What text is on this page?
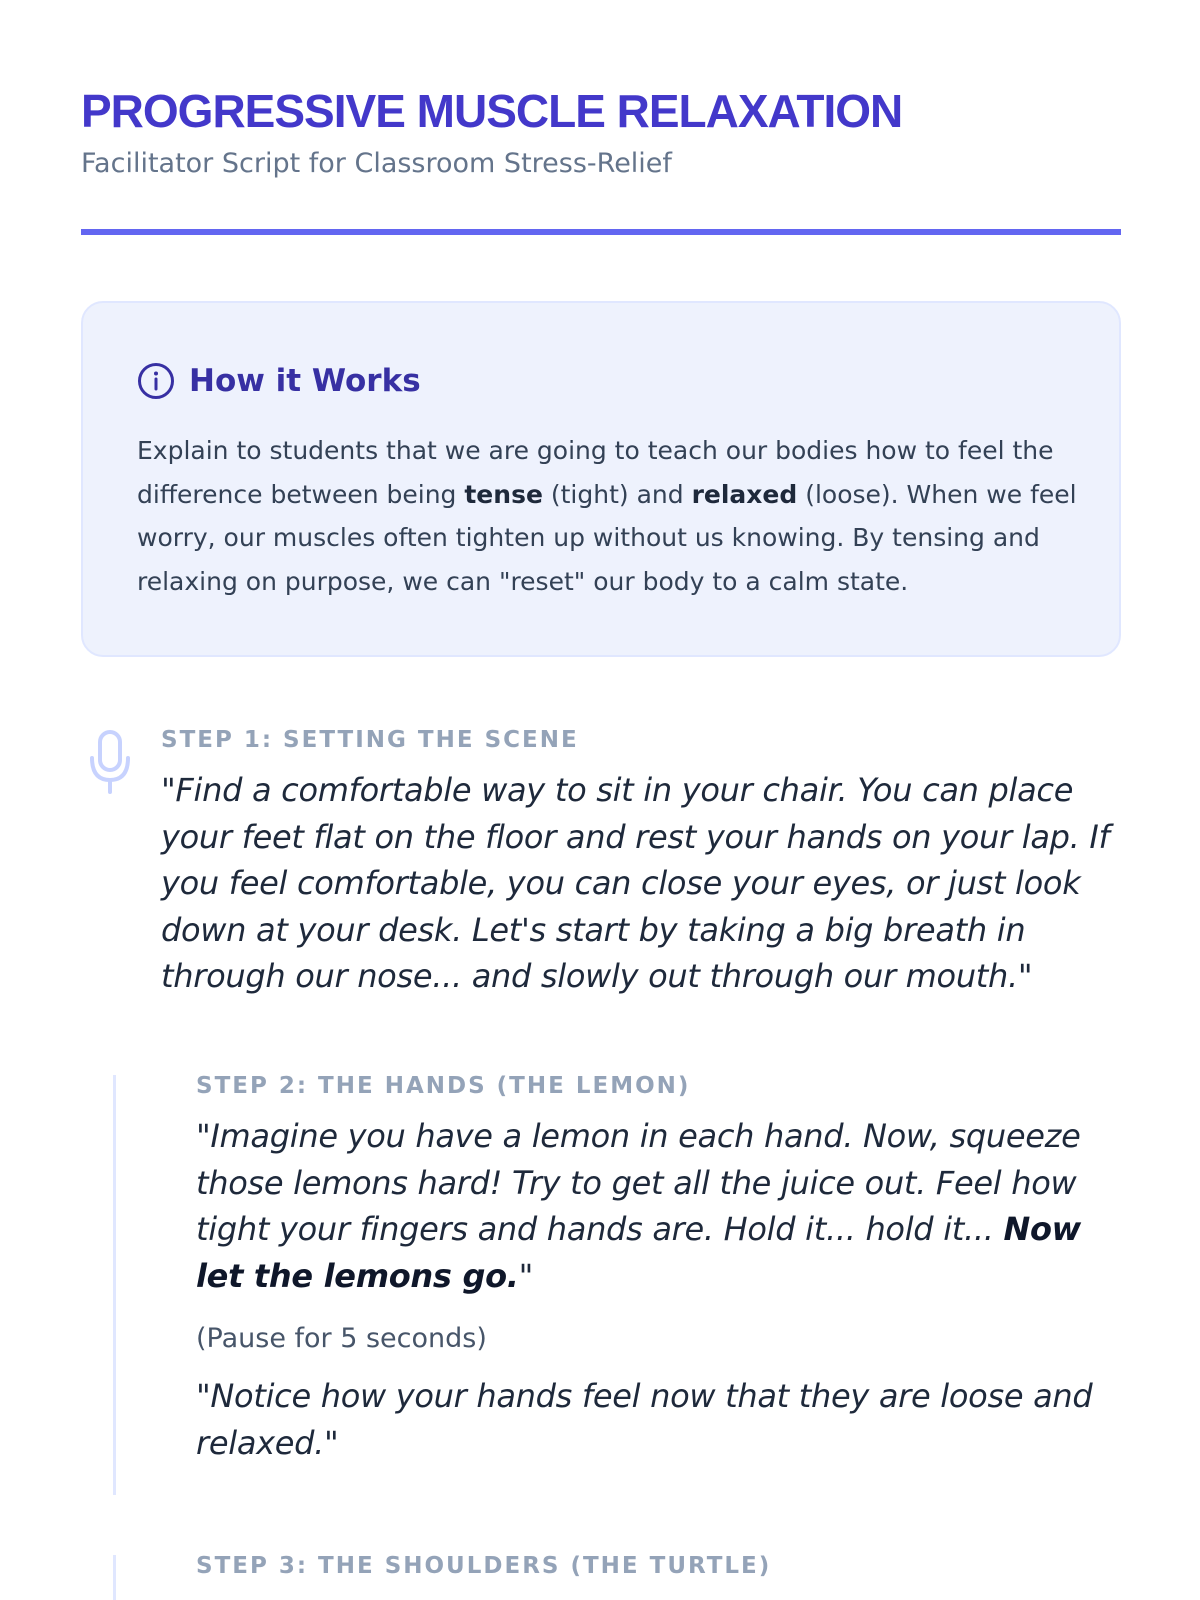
PROGRESSIVE MUSCLE RELAXATION
Facilitator Script for Classroom Stress-Relief
How it Works
Explain to students that we are going to teach our bodies how to feel the difference between being tense (tight) and relaxed (loose). When we feel worry, our muscles often tighten up without us knowing. By tensing and relaxing on purpose, we can "reset" our body to a calm state.
STEP 1: SETTING THE SCENE
"Find a comfortable way to sit in your chair. You can place your feet flat on the floor and rest your hands on your lap. If you feel comfortable, you can close your eyes, or just look down at your desk. Let's start by taking a big breath in through our nose... and slowly out through our mouth."
STEP 2: THE HANDS (THE LEMON)
"Imagine you have a lemon in each hand. Now, squeeze those lemons hard! Try to get all the juice out. Feel how tight your fingers and hands are. Hold it... hold it... Now let the lemons go."
(Pause for 5 seconds)
"Notice how your hands feel now that they are loose and relaxed."
STEP 3: THE SHOULDERS (THE TURTLE)
